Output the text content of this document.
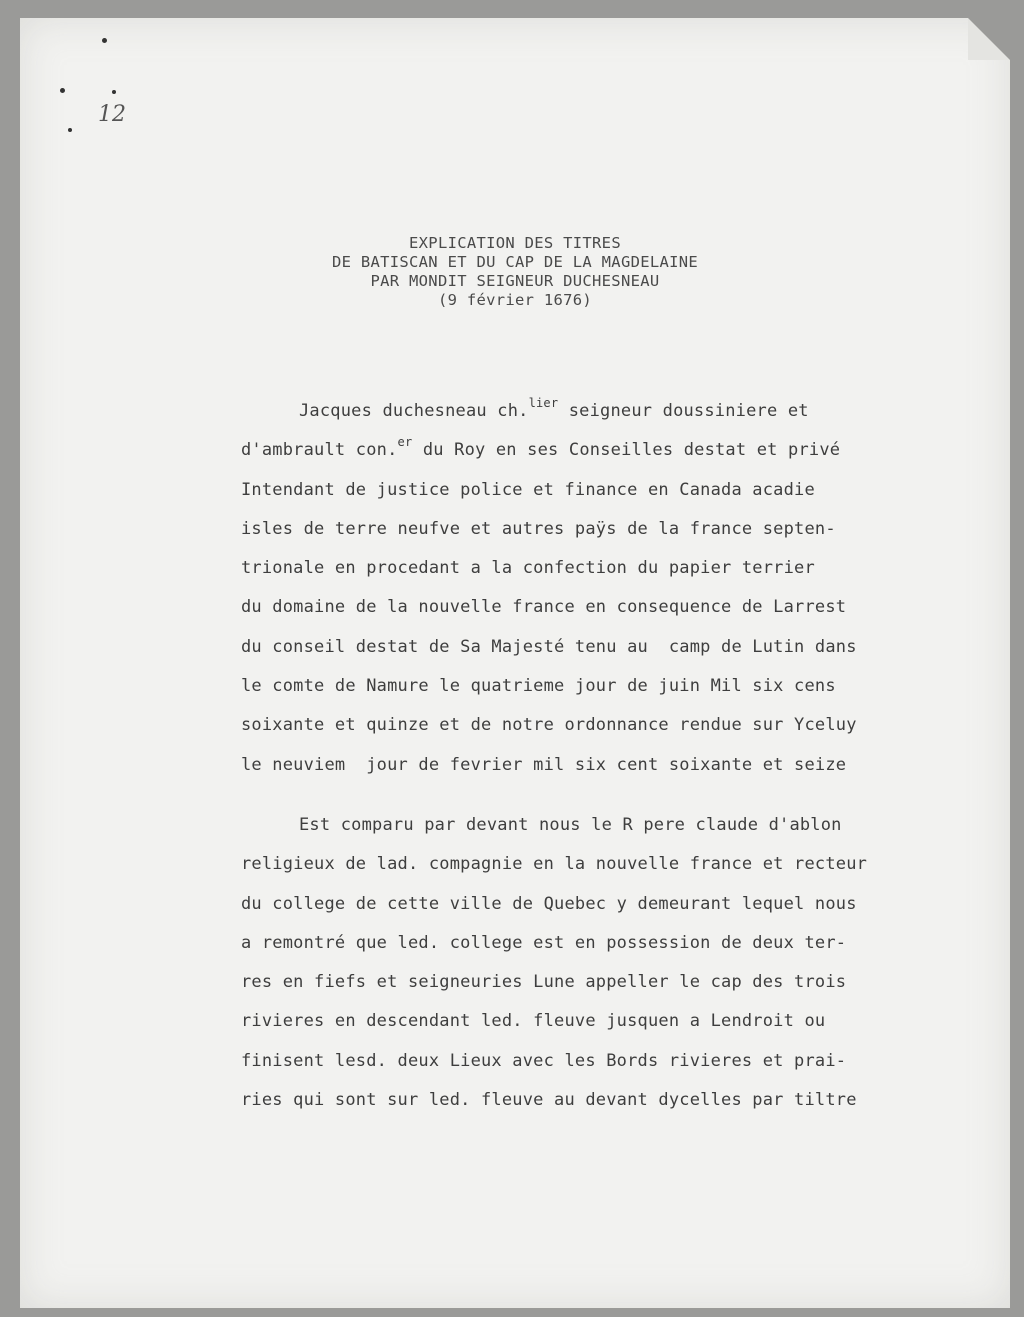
12
EXPLICATION DES TITRES
DE BATISCAN ET DU CAP DE LA MAGDELAINE
PAR MONDIT SEIGNEUR DUCHESNEAU
(9 février 1676)
Jacques duchesneau ch.$^{lier}$ seigneur doussiniere et
d'ambrault con.$^{er}$ du Roy en ses Conseilles destat et privé
Intendant de justice police et finance en Canada acadie
isles de terre neufve et autres paÿs de la france septen-
trionale en procedant a la confection du papier terrier
du domaine de la nouvelle france en consequence de Larrest
du conseil destat de Sa Majesté tenu au  camp de Lutin dans
le comte de Namure le quatrieme jour de juin Mil six cens
soixante et quinze et de notre ordonnance rendue sur Yceluy
le neuviem  jour de fevrier mil six cent soixante et seize
Est comparu par devant nous le R pere claude d'ablon
religieux de lad. compagnie en la nouvelle france et recteur
du college de cette ville de Quebec y demeurant lequel nous
a remontré que led. college est en possession de deux ter-
res en fiefs et seigneuries Lune appeller le cap des trois
rivieres en descendant led. fleuve jusquen a Lendroit ou
finisent lesd. deux Lieux avec les Bords rivieres et prai-
ries qui sont sur led. fleuve au devant dycelles par tiltre
